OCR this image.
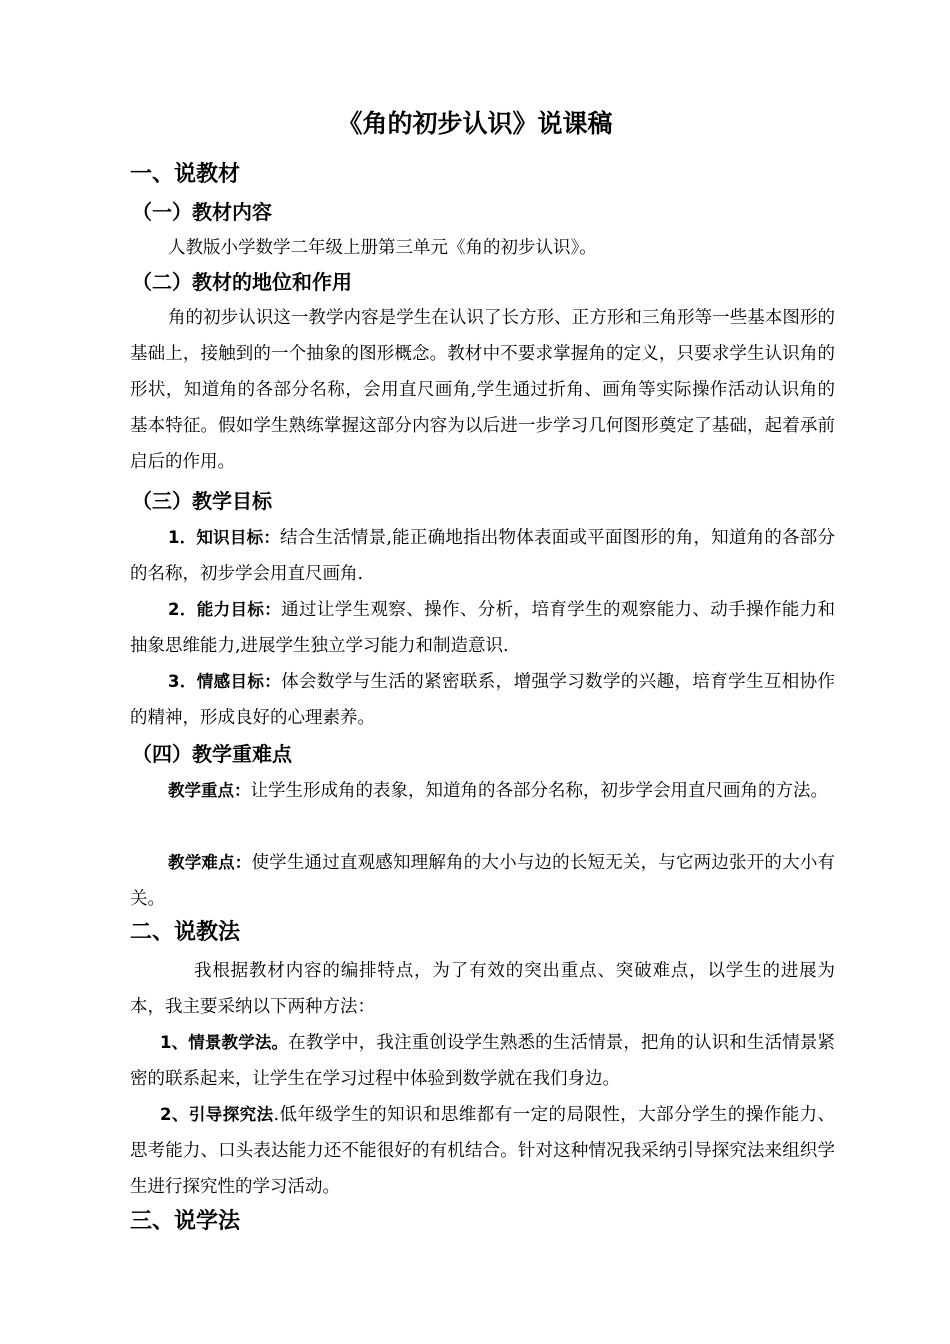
《角的初步认识》说课稿
一、说教材
（一）教材内容

人教版小学数学二年级上册第三单元《角的初步认识》。

（二）教材的地位和作用

角的初步认识这一教学内容是学生在认识了长方形、正方形和三角形等一些基本图形的基础上，接触到的一个抽象的图形概念。教材中不要求掌握角的定义，只要求学生认识角的形状，知道角的各部分名称，会用直尺画角,学生通过折角、画角等实际操作活动认识角的基本特征。假如学生熟练掌握这部分内容为以后进一步学习几何图形奠定了基础，起着承前启后的作用。

（三）教学目标

1．知识目标：结合生活情景,能正确地指出物体表面或平面图形的角，知道角的各部分的名称，初步学会用直尺画角.

2．能力目标：通过让学生观察、操作、分析，培育学生的观察能力、动手操作能力和抽象思维能力,进展学生独立学习能力和制造意识.

3．情感目标：体会数学与生活的紧密联系，增强学习数学的兴趣，培育学生互相协作的精神，形成良好的心理素养。

（四）教学重难点

教学重点：让学生形成角的表象，知道角的各部分名称，初步学会用直尺画角的方法。

教学难点：使学生通过直观感知理解角的大小与边的长短无关，与它两边张开的大小有关。

二、说教法

我根据教材内容的编排特点，为了有效的突出重点、突破难点，以学生的进展为本，我主要采纳以下两种方法：

1、情景教学法。在教学中，我注重创设学生熟悉的生活情景，把角的认识和生活情景紧密的联系起来，让学生在学习过程中体验到数学就在我们身边。

2、引导探究法.低年级学生的知识和思维都有一定的局限性，大部分学生的操作能力、思考能力、口头表达能力还不能很好的有机结合。针对这种情况我采纳引导探究法来组织学生进行探究性的学习活动。

三、说学法
